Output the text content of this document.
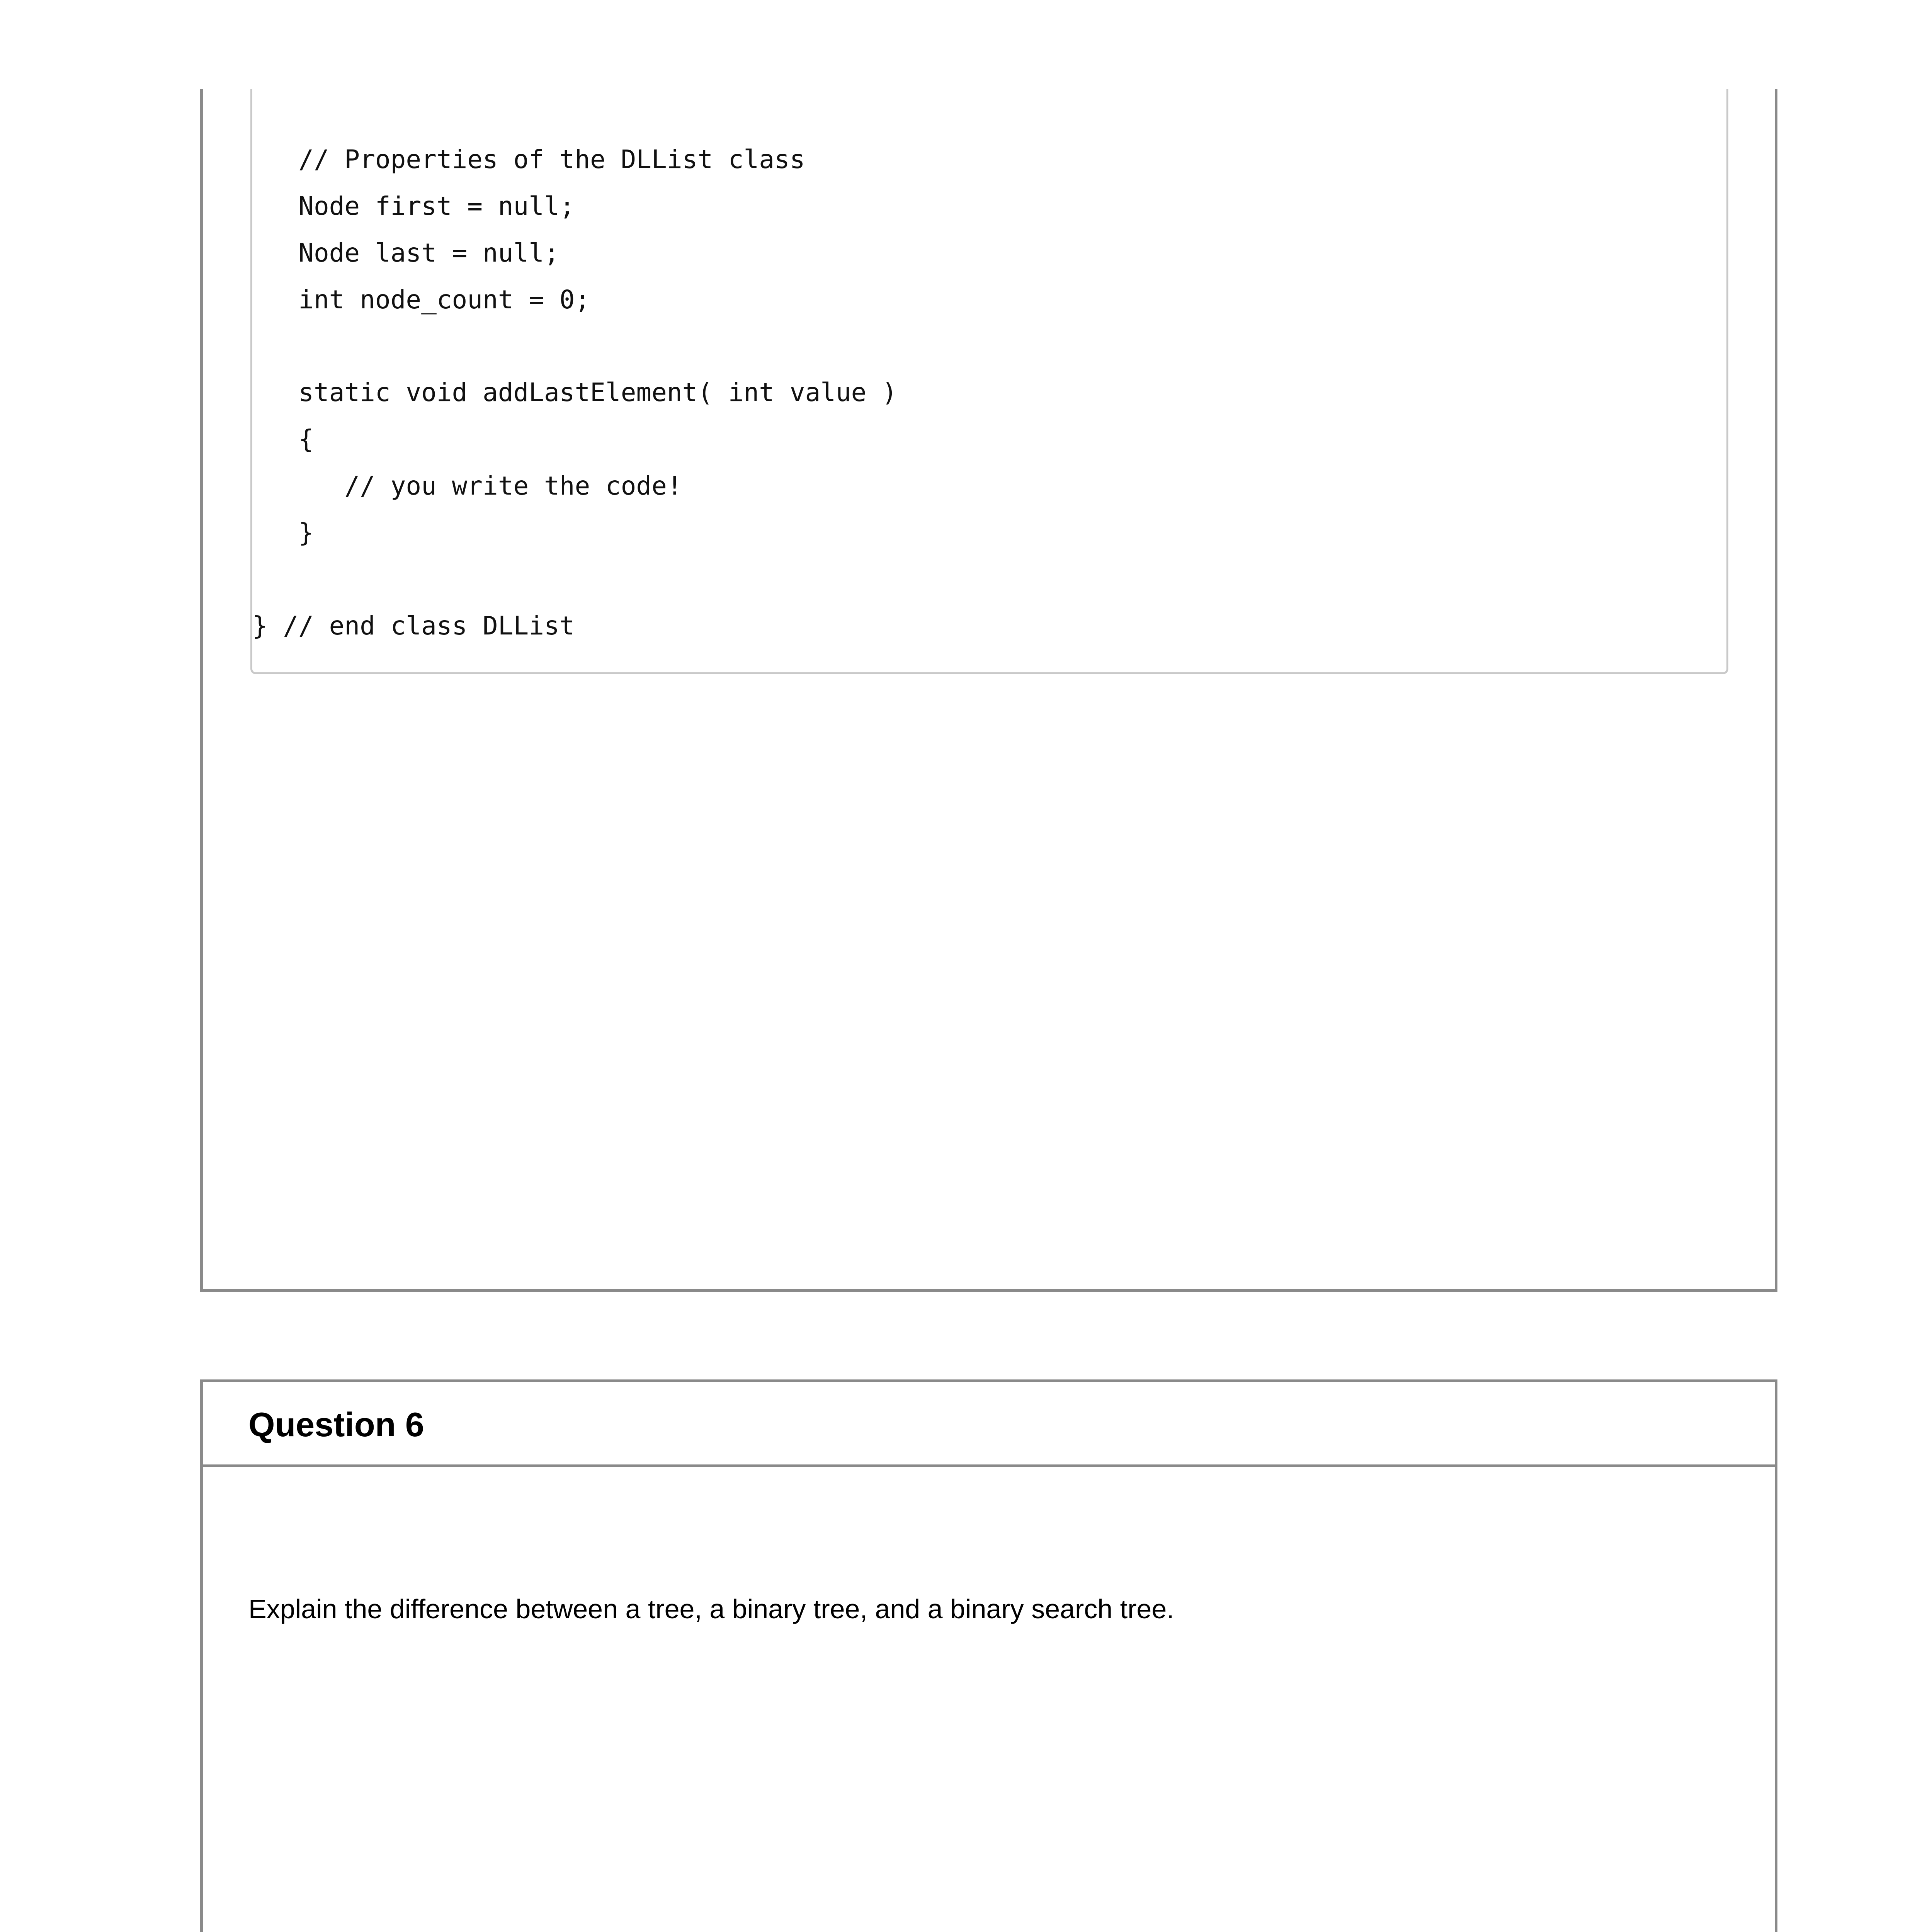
// Properties of the DLList class
Node first = null;
Node last = null;
int node_count = 0;
static void addLastElement( int value )
{
// you write the code!
}
} // end class DLList
Question 6
Explain the difference between a tree, a binary tree, and a binary search tree.
